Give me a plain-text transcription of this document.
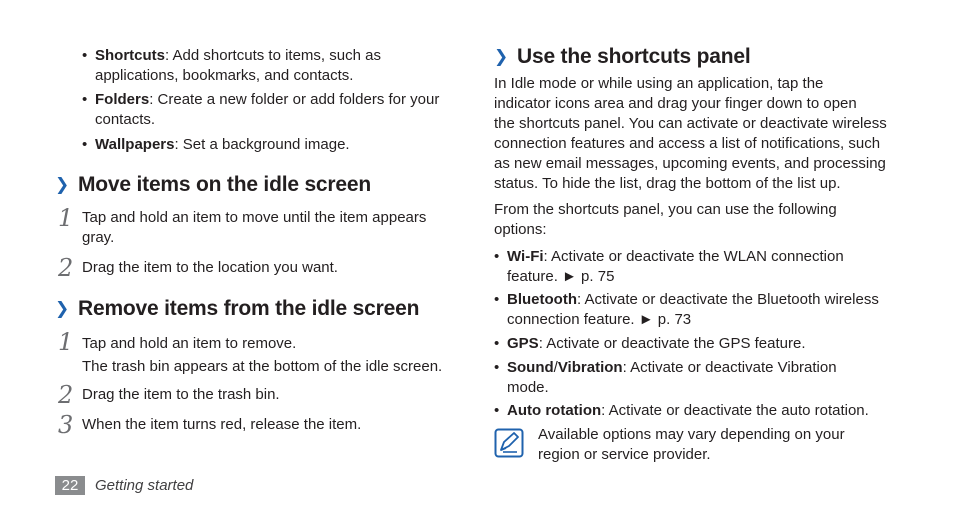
• Shortcuts: Add shortcuts to items, such as
applications, bookmarks, and contacts.
• Folders: Create a new folder or add folders for your
contacts.
• Wallpapers: Set a background image.
❯ Move items on the idle screen
1 Tap and hold an item to move until the item appears
gray.
2 Drag the item to the location you want.
❯ Remove items from the idle screen
1 Tap and hold an item to remove.
The trash bin appears at the bottom of the idle screen.
2 Drag the item to the trash bin.
3 When the item turns red, release the item.
❯ Use the shortcuts panel
In Idle mode or while using an application, tap the
indicator icons area and drag your finger down to open
the shortcuts panel. You can activate or deactivate wireless
connection features and access a list of notifications, such
as new email messages, upcoming events, and processing
status. To hide the list, drag the bottom of the list up.
From the shortcuts panel, you can use the following
options:
• Wi-Fi: Activate or deactivate the WLAN connection
feature. ► p. 75
• Bluetooth: Activate or deactivate the Bluetooth wireless
connection feature. ► p. 73
• GPS: Activate or deactivate the GPS feature.
• Sound/Vibration: Activate or deactivate Vibration
mode.
• Auto rotation: Activate or deactivate the auto rotation.
Available options may vary depending on your
region or service provider.
22	Getting started
